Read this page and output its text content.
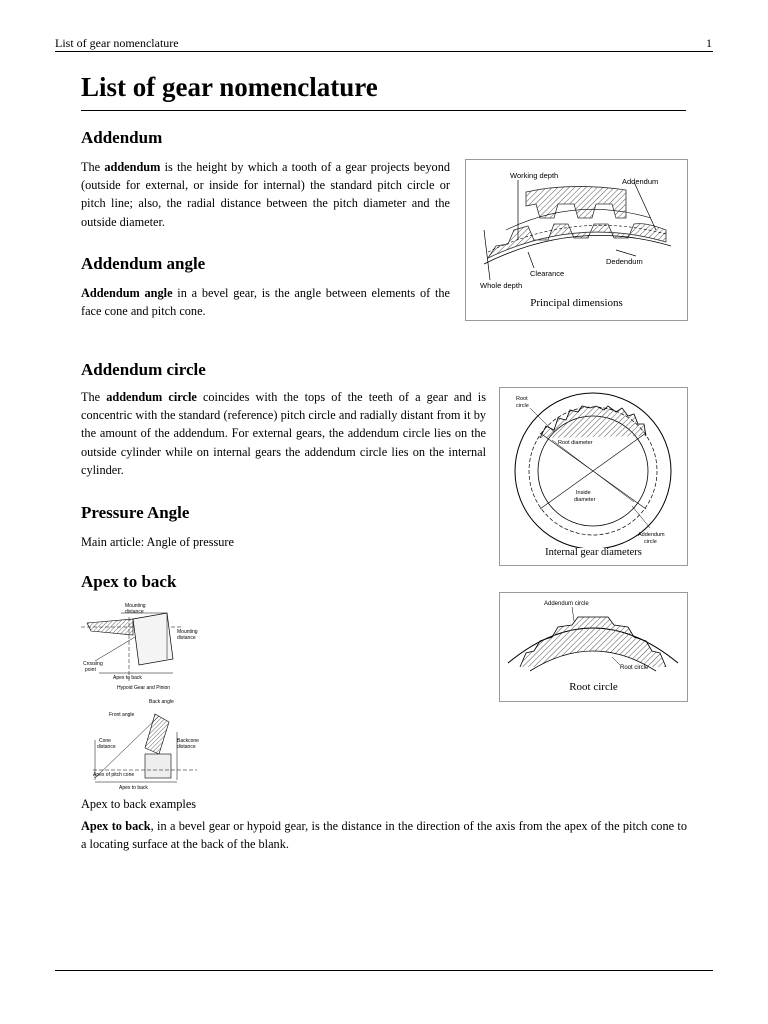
List of gear nomenclature	1
List of gear nomenclature
Addendum
The addendum is the height by which a tooth of a gear projects beyond (outside for external, or inside for internal) the standard pitch circle or pitch line; also, the radial distance between the pitch diameter and the outside diameter.
Working depth
Addendum
Dedendum
Clearance
Whole depth
Principal dimensions
Addendum angle
Addendum angle in a bevel gear, is the angle between elements of the face cone and pitch cone.
Addendum circle
The addendum circle coincides with the tops of the teeth of a gear and is concentric with the standard (reference) pitch circle and radially distant from it by the amount of the addendum. For external gears, the addendum circle lies on the outside cylinder while on internal gears the addendum circle lies on the internal cylinder.
Root
circle
Root diameter
Inside
diameter
Addendum
circle
Internal gear diameters
Pressure Angle
Main article: Angle of pressure
Apex to back
Mounting
distance
Mounting
distance
Crossing
point
Apex to back
Hypoid Gear and Pinion
Back angle
Front angle
Cone
distance
Backcone
distance
Apex of pitch cone
Apex to back
Apex to back examples
Addendum circle
Root circle
Root circle
Apex to back, in a bevel gear or hypoid gear, is the distance in the direction of the axis from the apex of the pitch cone to a locating surface at the back of the blank.
